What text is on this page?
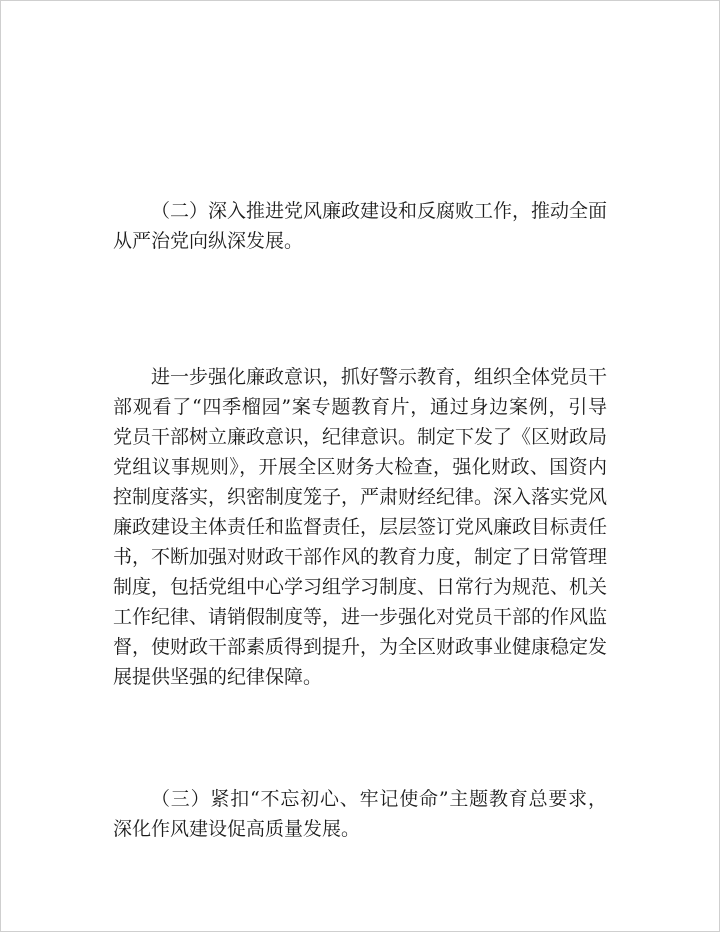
（二）深入推进党风廉政建设和反腐败工作，推动全面从严治党向纵深发展。

进一步强化廉政意识，抓好警示教育，组织全体党员干部观看了“四季榴园”案专题教育片，通过身边案例，引导党员干部树立廉政意识，纪律意识。制定下发了《区财政局党组议事规则》，开展全区财务大检查，强化财政、国资内控制度落实，织密制度笼子，严肃财经纪律。深入落实党风廉政建设主体责任和监督责任，层层签订党风廉政目标责任书，不断加强对财政干部作风的教育力度，制定了日常管理制度，包括党组中心学习组学习制度、日常行为规范、机关工作纪律、请销假制度等，进一步强化对党员干部的作风监督，使财政干部素质得到提升，为全区财政事业健康稳定发展提供坚强的纪律保障。

（三）紧扣“不忘初心、牢记使命”主题教育总要求，深化作风建设促高质量发展。
